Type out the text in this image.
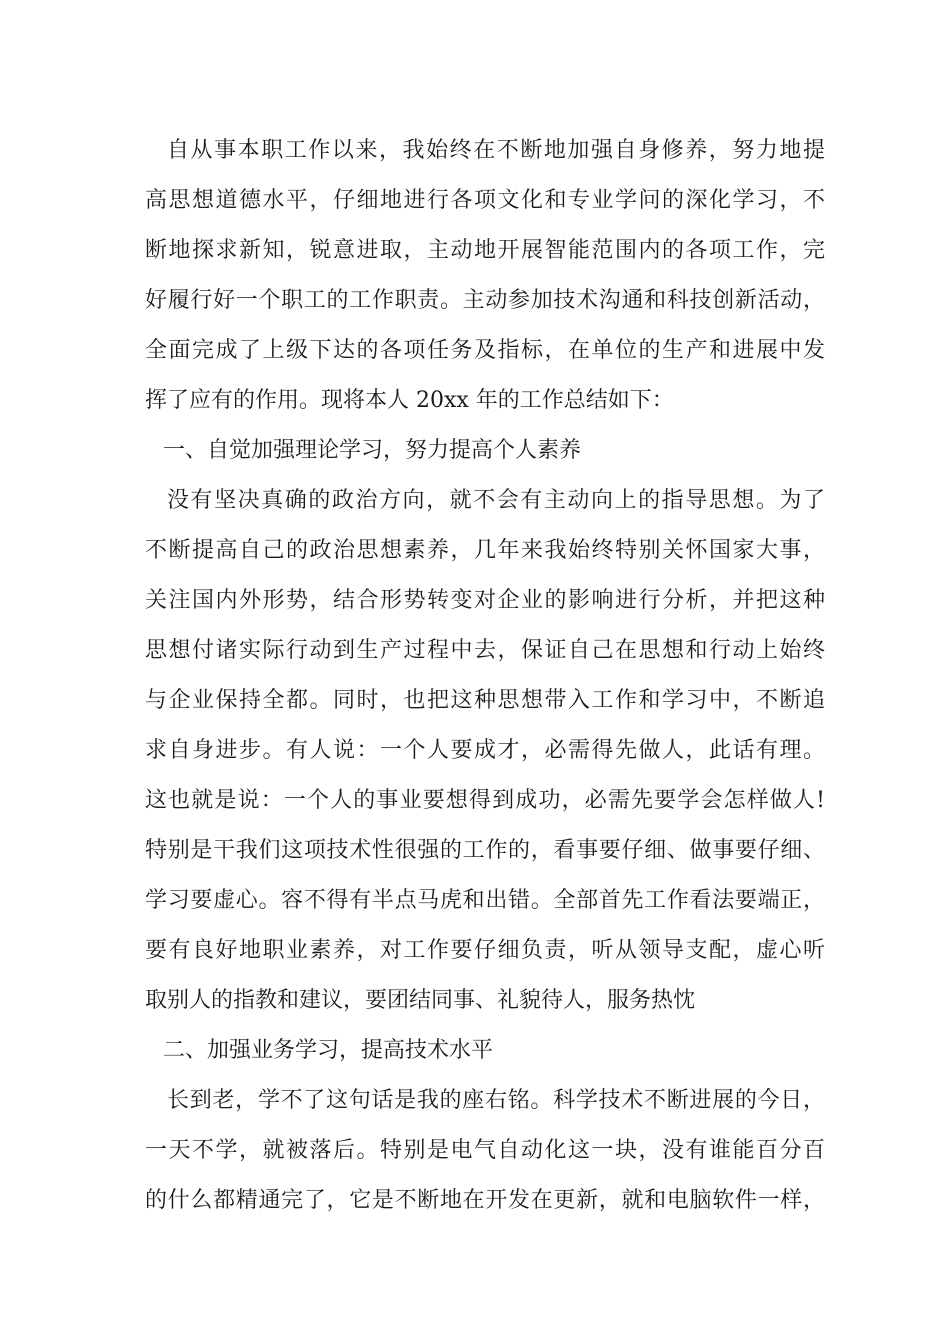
自从事本职工作以来，我始终在不断地加强自身修养，努力地提
高思想道德水平，仔细地进行各项文化和专业学问的深化学习，不
断地探求新知，锐意进取，主动地开展智能范围内的各项工作，完
好履行好一个职工的工作职责。主动参加技术沟通和科技创新活动，
全面完成了上级下达的各项任务及指标，在单位的生产和进展中发
挥了应有的作用。现将本人 20xx 年的工作总结如下：
一、自觉加强理论学习，努力提高个人素养
没有坚决真确的政治方向，就不会有主动向上的指导思想。为了
不断提高自己的政治思想素养，几年来我始终特别关怀国家大事，
关注国内外形势，结合形势转变对企业的影响进行分析，并把这种
思想付诸实际行动到生产过程中去，保证自己在思想和行动上始终
与企业保持全都。同时，也把这种思想带入工作和学习中，不断追
求自身进步。有人说：一个人要成才，必需得先做人，此话有理。
这也就是说：一个人的事业要想得到成功，必需先要学会怎样做人!
特别是干我们这项技术性很强的工作的，看事要仔细、做事要仔细、
学习要虚心。容不得有半点马虎和出错。全部首先工作看法要端正，
要有良好地职业素养，对工作要仔细负责，听从领导支配，虚心听
取别人的指教和建议，要团结同事、礼貌待人，服务热忱
二、加强业务学习，提高技术水平
长到老，学不了这句话是我的座右铭。科学技术不断进展的今日，
一天不学，就被落后。特别是电气自动化这一块，没有谁能百分百
的什么都精通完了，它是不断地在开发在更新，就和电脑软件一样，
